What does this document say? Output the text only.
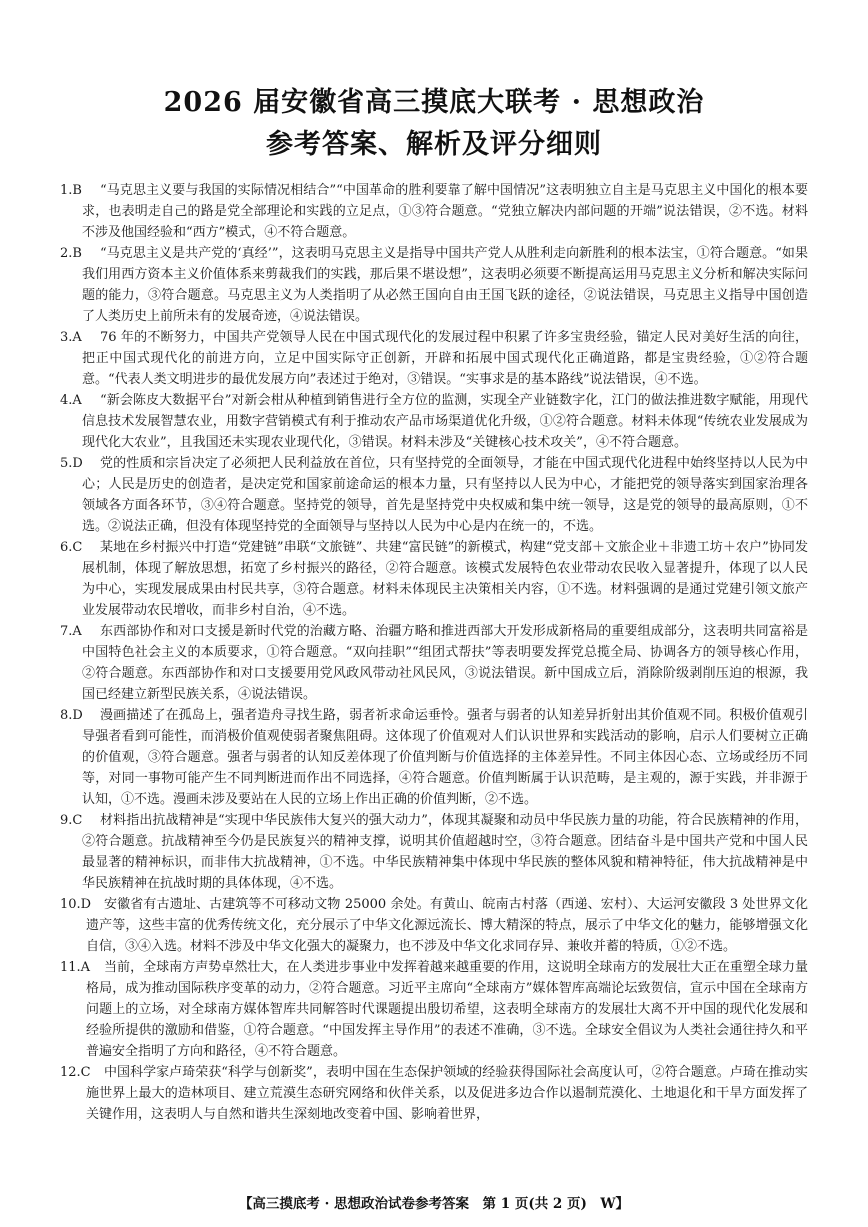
2026 届安徽省高三摸底大联考 · 思想政治
参考答案、解析及评分细则
1.B	“马克思主义要与我国的实际情况相结合”“中国革命的胜利要靠了解中国情况”这表明独立自主是马克思主义中国化的根本要求，也表明走自己的路是党全部理论和实践的立足点，①③符合题意。“党独立解决内部问题的开端”说法错误，②不选。材料不涉及他国经验和“西方”模式，④不符合题意。
2.B	“马克思主义是共产党的‘真经’”，这表明马克思主义是指导中国共产党人从胜利走向新胜利的根本法宝，①符合题意。“如果我们用西方资本主义价值体系来剪裁我们的实践，那后果不堪设想”，这表明必须要不断提高运用马克思主义分析和解决实际问题的能力，③符合题意。马克思主义为人类指明了从必然王国向自由王国飞跃的途径，②说法错误，马克思主义指导中国创造了人类历史上前所未有的发展奇迹，④说法错误。
3.A	76 年的不断努力，中国共产党领导人民在中国式现代化的发展过程中积累了许多宝贵经验，锚定人民对美好生活的向往，把正中国式现代化的前进方向，立足中国实际守正创新，开辟和拓展中国式现代化正确道路，都是宝贵经验，①②符合题意。“代表人类文明进步的最优发展方向”表述过于绝对，③错误。“实事求是的基本路线”说法错误，④不选。
4.A	“新会陈皮大数据平台”对新会柑从种植到销售进行全方位的监测，实现全产业链数字化，江门的做法推进数字赋能，用现代信息技术发展智慧农业，用数字营销模式有利于推动农产品市场渠道优化升级，①②符合题意。材料未体现“传统农业发展成为现代化大农业”，且我国还未实现农业现代化，③错误。材料未涉及“关键核心技术攻关”，④不符合题意。
5.D	党的性质和宗旨决定了必须把人民利益放在首位，只有坚持党的全面领导，才能在中国式现代化进程中始终坚持以人民为中心；人民是历史的创造者，是决定党和国家前途命运的根本力量，只有坚持以人民为中心，才能把党的领导落实到国家治理各领域各方面各环节，③④符合题意。坚持党的领导，首先是坚持党中央权威和集中统一领导，这是党的领导的最高原则，①不选。②说法正确，但没有体现坚持党的全面领导与坚持以人民为中心是内在统一的，不选。
6.C	某地在乡村振兴中打造“党建链”串联“文旅链”、共建“富民链”的新模式，构建“党支部＋文旅企业＋非遗工坊＋农户”协同发展机制，体现了解放思想，拓宽了乡村振兴的路径，②符合题意。该模式发展特色农业带动农民收入显著提升，体现了以人民为中心，实现发展成果由村民共享，③符合题意。材料未体现民主决策相关内容，①不选。材料强调的是通过党建引领文旅产业发展带动农民增收，而非乡村自治，④不选。
7.A	东西部协作和对口支援是新时代党的治藏方略、治疆方略和推进西部大开发形成新格局的重要组成部分，这表明共同富裕是中国特色社会主义的本质要求，①符合题意。“双向挂职”“组团式帮扶”等表明要发挥党总揽全局、协调各方的领导核心作用，②符合题意。东西部协作和对口支援要用党风政风带动社风民风，③说法错误。新中国成立后，消除阶级剥削压迫的根源，我国已经建立新型民族关系，④说法错误。
8.D	漫画描述了在孤岛上，强者造舟寻找生路，弱者祈求命运垂怜。强者与弱者的认知差异折射出其价值观不同。积极价值观引导强者看到可能性，而消极价值观使弱者聚焦阻碍。这体现了价值观对人们认识世界和实践活动的影响，启示人们要树立正确的价值观，③符合题意。强者与弱者的认知反差体现了价值判断与价值选择的主体差异性。不同主体因心态、立场或经历不同等，对同一事物可能产生不同判断进而作出不同选择，④符合题意。价值判断属于认识范畴，是主观的，源于实践，并非源于认知，①不选。漫画未涉及要站在人民的立场上作出正确的价值判断，②不选。
9.C	材料指出抗战精神是“实现中华民族伟大复兴的强大动力”，体现其凝聚和动员中华民族力量的功能，符合民族精神的作用，②符合题意。抗战精神至今仍是民族复兴的精神支撑，说明其价值超越时空，③符合题意。团结奋斗是中国共产党和中国人民最显著的精神标识，而非伟大抗战精神，①不选。中华民族精神集中体现中华民族的整体风貌和精神特征，伟大抗战精神是中华民族精神在抗战时期的具体体现，④不选。
10.D 安徽省有古遗址、古建筑等不可移动文物 25000 余处。有黄山、皖南古村落（西递、宏村）、大运河安徽段 3 处世界文化遗产等，这些丰富的优秀传统文化，充分展示了中华文化源远流长、博大精深的特点，展示了中华文化的魅力，能够增强文化自信，③④入选。材料不涉及中华文化强大的凝聚力，也不涉及中华文化求同存异、兼收并蓄的特质，①②不选。
11.A	当前，全球南方声势卓然壮大，在人类进步事业中发挥着越来越重要的作用，这说明全球南方的发展壮大正在重塑全球力量格局，成为推动国际秩序变革的动力，②符合题意。习近平主席向“全球南方”媒体智库高端论坛致贺信，宣示中国在全球南方问题上的立场，对全球南方媒体智库共同解答时代课题提出殷切希望，这表明全球南方的发展壮大离不开中国的现代化发展和经验所提供的激励和借鉴，①符合题意。“中国发挥主导作用”的表述不准确，③不选。全球安全倡议为人类社会通往持久和平普遍安全指明了方向和路径，④不符合题意。
12.C	中国科学家卢琦荣获“科学与创新奖”，表明中国在生态保护领域的经验获得国际社会高度认可，②符合题意。卢琦在推动实施世界上最大的造林项目、建立荒漠生态研究网络和伙伴关系，以及促进多边合作以遏制荒漠化、土地退化和干旱方面发挥了关键作用，这表明人与自然和谐共生深刻地改变着中国、影响着世界，
【高三摸底考 · 思想政治试卷参考答案　第 1 页(共 2 页)　W】
